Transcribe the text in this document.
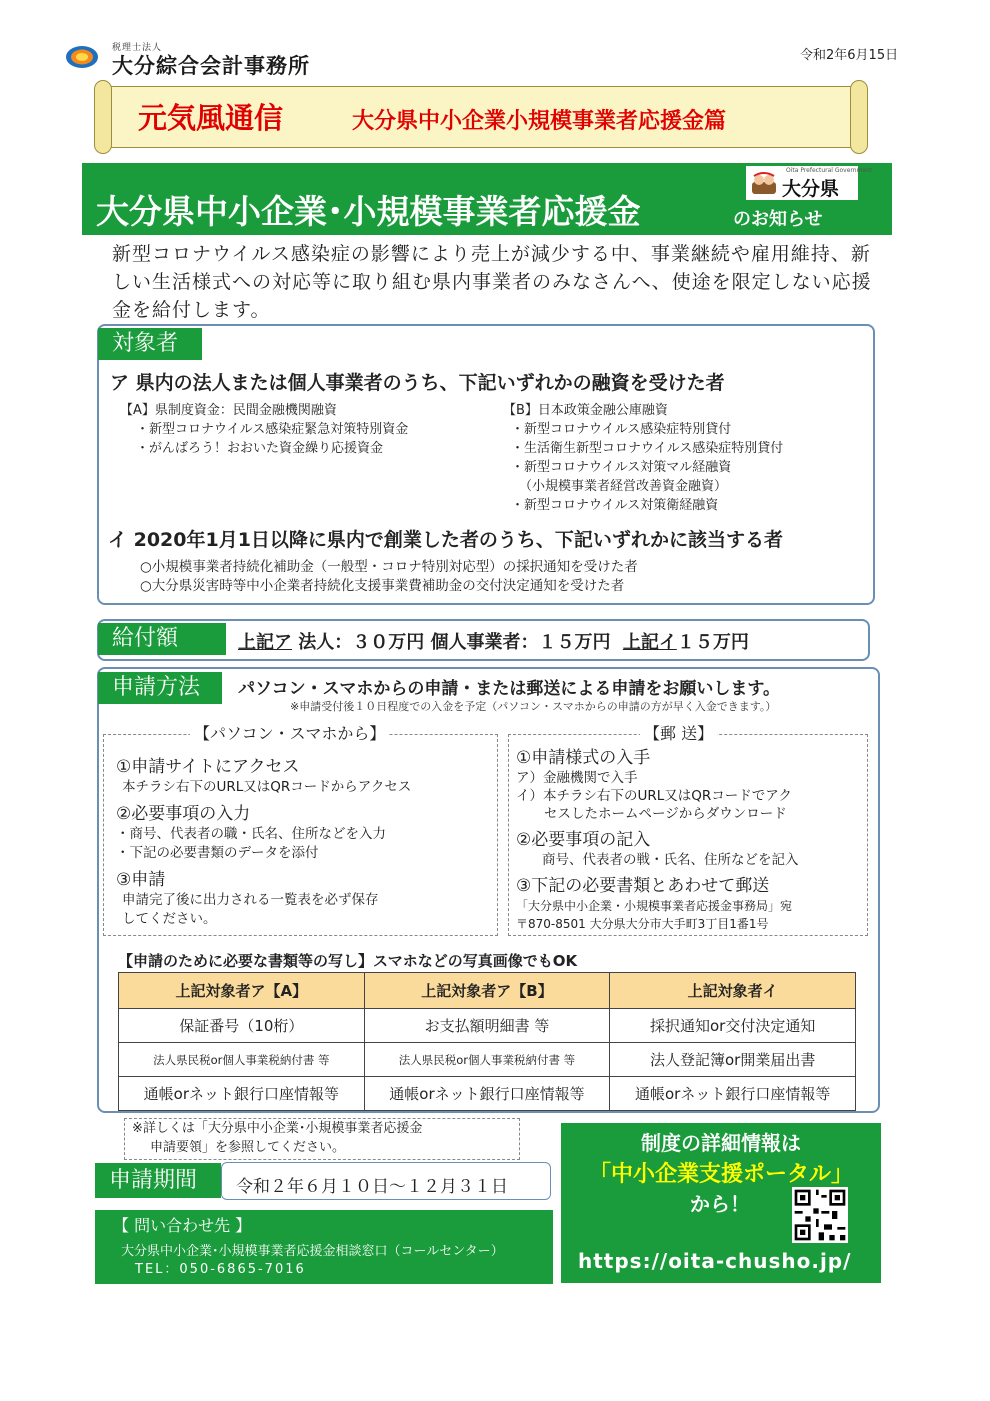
税理士法人
大分綜合会計事務所	令和2年6月15日
元気風通信	大分県中小企業小規模事業者応援金篇
Oita Prefectural Government
大分県
大分県中小企業･小規模事業者応援金	のお知らせ
新型コロナウイルス感染症の影響により売上が減少する中、事業継続や雇用維持、新しい生活様式への対応等に取り組む県内事業者のみなさんへ、使途を限定しない応援金を給付します。
対象者
ア 県内の法人または個人事業者のうち、下記いずれかの融資を受けた者
【A】県制度資金：民間金融機関融資
・新型コロナウイルス感染症緊急対策特別資金
・がんばろう！おおいた資金繰り応援資金
【B】日本政策金融公庫融資
・新型コロナウイルス感染症特別貸付
・生活衛生新型コロナウイルス感染症特別貸付
・新型コロナウイルス対策マル経融資
（小規模事業者経営改善資金融資）
・新型コロナウイルス対策衛経融資
イ 2020年1月1日以降に県内で創業した者のうち、下記いずれかに該当する者
○小規模事業者持続化補助金（一般型・コロナ特別対応型）の採択通知を受けた者
○大分県災害時等中小企業者持続化支援事業費補助金の交付決定通知を受けた者
給付額	上記ア 法人：３０万円 個人事業者：１５万円 上記イ１５万円
申請方法	パソコン・スマホからの申請・または郵送による申請をお願いします。
※申請受付後１０日程度での入金を予定（パソコン・スマホからの申請の方が早く入金できます。）
【パソコン・スマホから】
①申請サイトにアクセス
本チラシ右下のURL又はQRコードからアクセス
②必要事項の入力
・商号、代表者の職・氏名、住所などを入力
・下記の必要書類のデータを添付
③申請
申請完了後に出力される一覧表を必ず保存
してください。
【郵 送】
①申請様式の入手
ア）金融機関で入手
イ）本チラシ右下のURL又はQRコードでアク
セスしたホームページからダウンロード
②必要事項の記入
商号、代表者の戦・氏名、住所などを記入
③下記の必要書類とあわせて郵送
「大分県中小企業・小規模事業者応援金事務局」宛
〒870-8501 大分県大分市大手町3丁目1番1号
【申請のために必要な書類等の写し】スマホなどの写真画像でもOK
上記対象者ア【A】	上記対象者ア【B】	上記対象者イ
保証番号（10桁）	お支払額明細書 等	採択通知or交付決定通知
法人県民税or個人事業税納付書 等	法人県民税or個人事業税納付書 等	法人登記簿or開業届出書
通帳orネット銀行口座情報等	通帳orネット銀行口座情報等	通帳orネット銀行口座情報等
※詳しくは「大分県中小企業･小規模事業者応援金
申請要領」を参照してください。
申請期間	令和２年６月１０日～１２月３１日
【 問い合わせ先 】
大分県中小企業･小規模事業者応援金相談窓口（コールセンター）
TEL：050-6865-7016
制度の詳細情報は
「中小企業支援ポータル」
から！
https://oita-chusho.jp/
